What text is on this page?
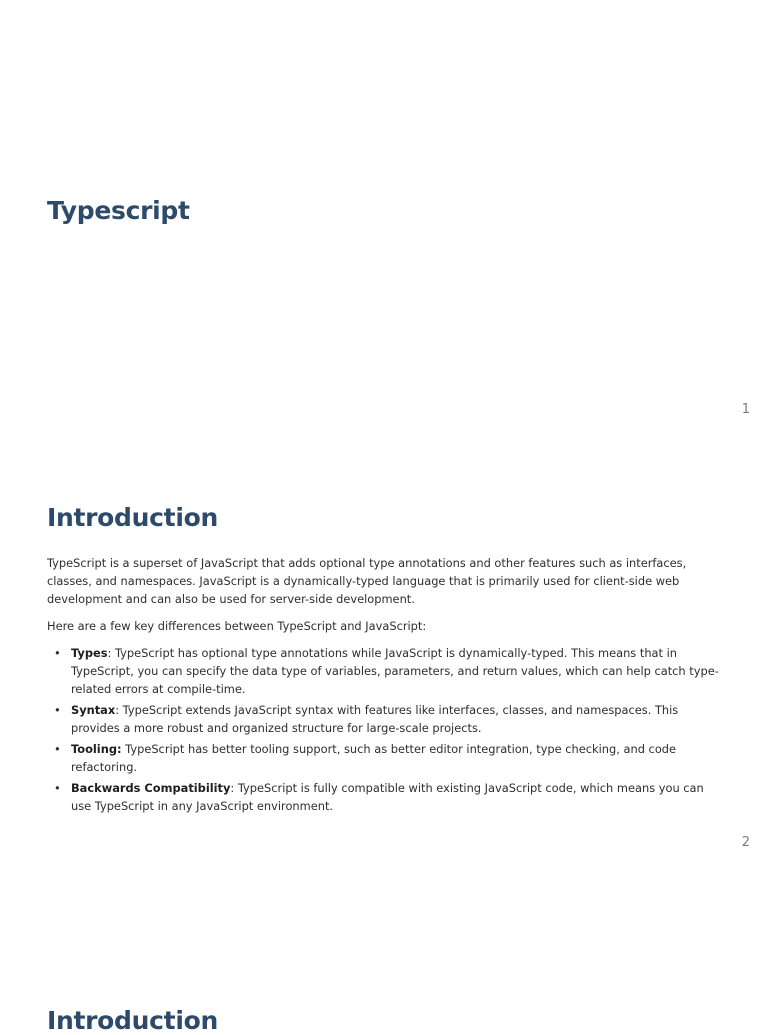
Typescript
1
Introduction

TypeScript is a superset of JavaScript that adds optional type annotations and other features such as interfaces, classes, and namespaces. JavaScript is a dynamically-typed language that is primarily used for client-side web development and can also be used for server-side development.

Here are a few key differences between TypeScript and JavaScript:

• Types: TypeScript has optional type annotations while JavaScript is dynamically-typed. This means that in TypeScript, you can specify the data type of variables, parameters, and return values, which can help catch type-related errors at compile-time.
• Syntax: TypeScript extends JavaScript syntax with features like interfaces, classes, and namespaces. This provides a more robust and organized structure for large-scale projects.
• Tooling: TypeScript has better tooling support, such as better editor integration, type checking, and code refactoring.
• Backwards Compatibility: TypeScript is fully compatible with existing JavaScript code, which means you can use TypeScript in any JavaScript environment.
2
Introduction
